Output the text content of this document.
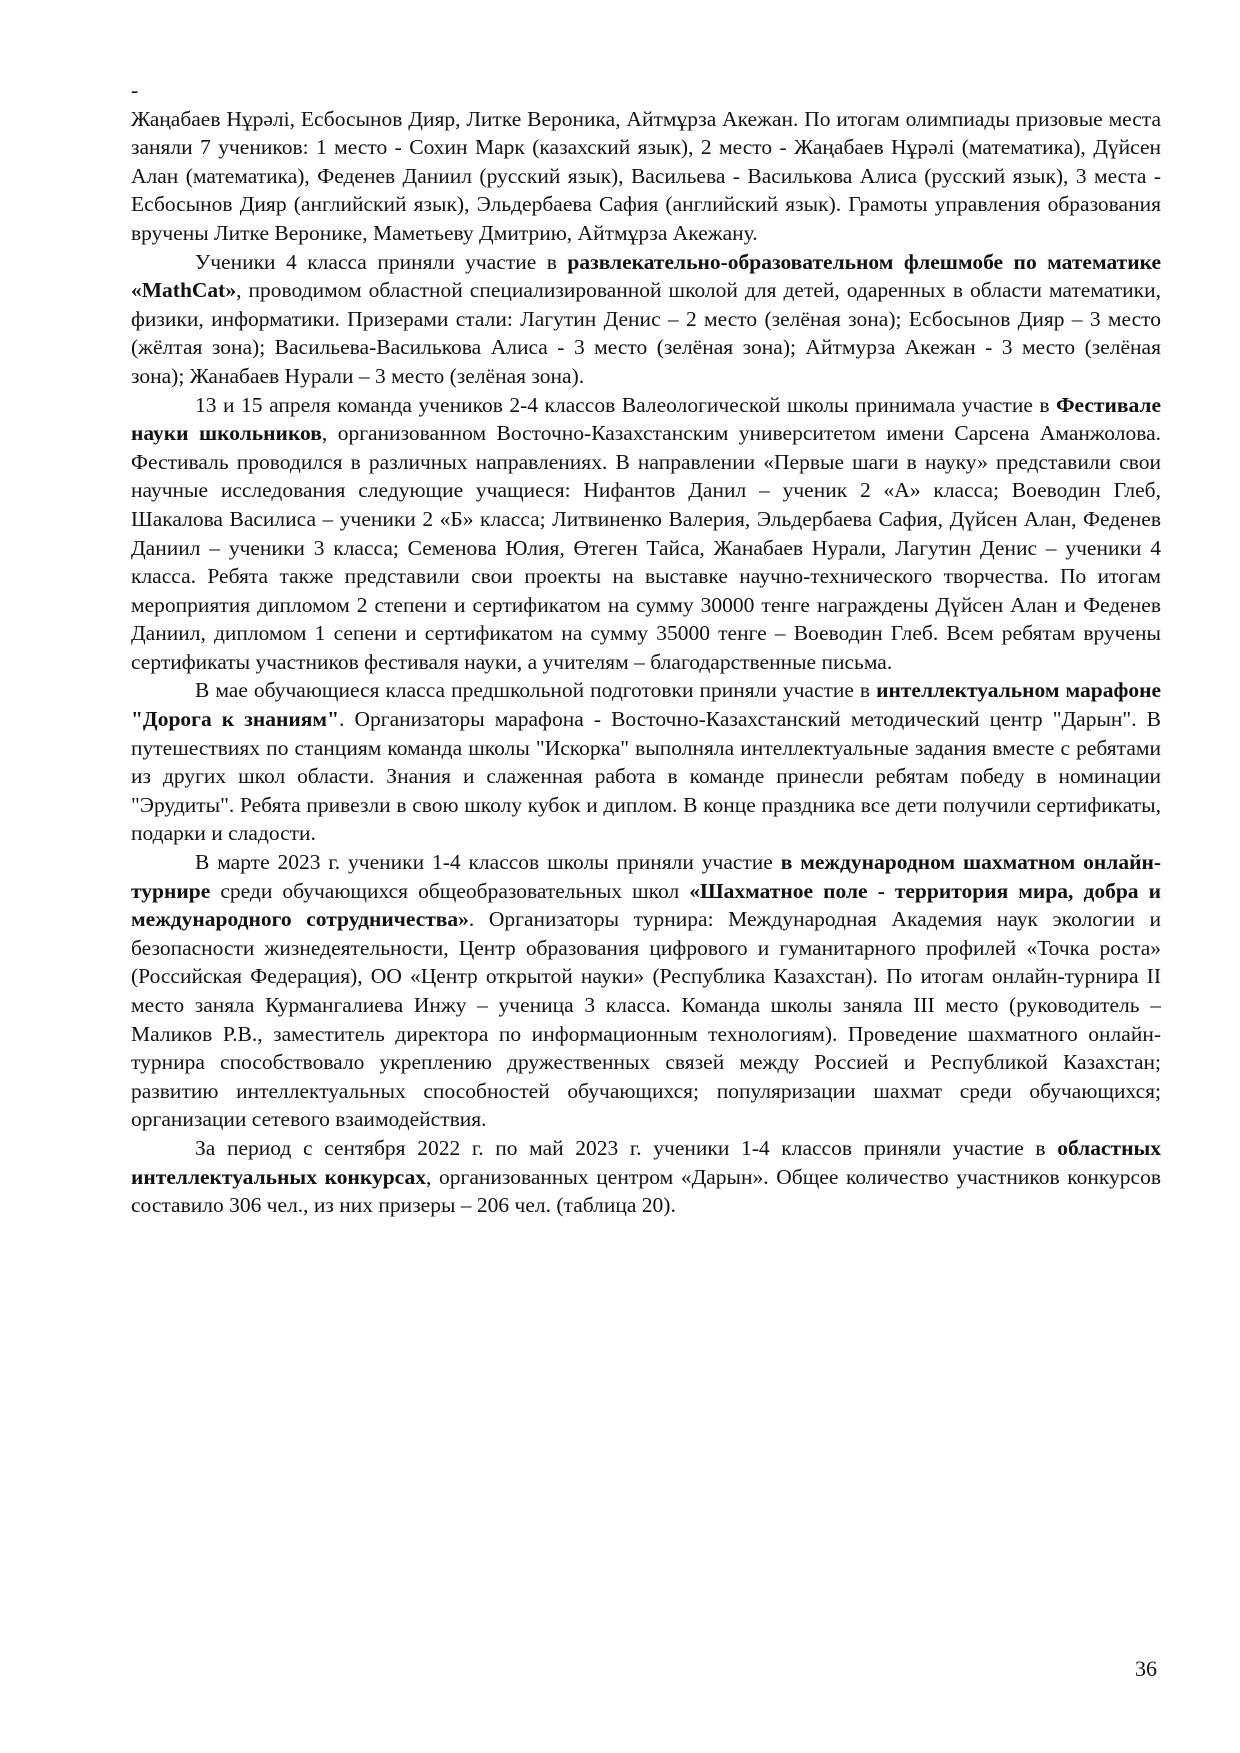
-

Жаңабаев Нұрәлі, Есбосынов Дияр, Литке Вероника, Айтмұрза Акежан. По итогам олимпиады призовые места заняли 7 учеников: 1 место - Сохин Марк (казахский язык), 2 место - Жаңабаев Нұрәлі (математика), Дүйсен Алан (математика), Феденев Даниил (русский язык), Васильева - Василькова Алиса (русский язык), 3 места - Есбосынов Дияр (английский язык), Эльдербаева Сафия (английский язык). Грамоты управления образования вручены Литке Веронике, Маметьеву Дмитрию, Айтмұрза Акежану.

Ученики 4 класса приняли участие в развлекательно-образовательном флешмобе по математике «MathCat», проводимом областной специализированной школой для детей, одаренных в области математики, физики, информатики. Призерами стали: Лагутин Денис – 2 место (зелёная зона); Есбосынов Дияр – 3 место (жёлтая зона); Васильева-Василькова Алиса - 3 место (зелёная зона); Айтмурза Акежан - 3 место (зелёная зона); Жанабаев Нурали – 3 место (зелёная зона).

13 и 15 апреля команда учеников 2-4 классов Валеологической школы принимала участие в Фестивале науки школьников, организованном Восточно-Казахстанским университетом имени Сарсена Аманжолова. Фестиваль проводился в различных направлениях. В направлении «Первые шаги в науку» представили свои научные исследования следующие учащиеся: Нифантов Данил – ученик 2 «А» класса; Воеводин Глеб, Шакалова Василиса – ученики 2 «Б» класса; Литвиненко Валерия, Эльдербаева Сафия, Дүйсен Алан, Феденев Даниил – ученики 3 класса; Семенова Юлия, Өтеген Тайса, Жанабаев Нурали, Лагутин Денис – ученики 4 класса. Ребята также представили свои проекты на выставке научно-технического творчества. По итогам мероприятия дипломом 2 степени и сертификатом на сумму 30000 тенге награждены Дүйсен Алан и Феденев Даниил, дипломом 1 сепени и сертификатом на сумму 35000 тенге – Воеводин Глеб. Всем ребятам вручены сертификаты участников фестиваля науки, а учителям – благодарственные письма.

В мае обучающиеся класса предшкольной подготовки приняли участие в интеллектуальном марафоне "Дорога к знаниям". Организаторы марафона - Восточно-Казахстанский методический центр "Дарын". В путешествиях по станциям команда школы "Искорка" выполняла интеллектуальные задания вместе с ребятами из других школ области. Знания и слаженная работа в команде принесли ребятам победу в номинации "Эрудиты". Ребята привезли в свою школу кубок и диплом. В конце праздника все дети получили сертификаты, подарки и сладости.

В марте 2023 г. ученики 1-4 классов школы приняли участие в международном шахматном онлайн-турнире среди обучающихся общеобразовательных школ «Шахматное поле - территория мира, добра и международного сотрудничества». Организаторы турнира: Международная Академия наук экологии и безопасности жизнедеятельности, Центр образования цифрового и гуманитарного профилей «Точка роста» (Российская Федерация), ОО «Центр открытой науки» (Республика Казахстан). По итогам онлайн-турнира II место заняла Курмангалиева Инжу – ученица 3 класса. Команда школы заняла III место (руководитель – Маликов Р.В., заместитель директора по информационным технологиям). Проведение шахматного онлайн-турнира способствовало укреплению дружественных связей между Россией и Республикой Казахстан; развитию интеллектуальных способностей обучающихся; популяризации шахмат среди обучающихся; организации сетевого взаимодействия.

За период с сентября 2022 г. по май 2023 г. ученики 1-4 классов приняли участие в областных интеллектуальных конкурсах, организованных центром «Дарын». Общее количество участников конкурсов составило 306 чел., из них призеры – 206 чел. (таблица 20).

36
